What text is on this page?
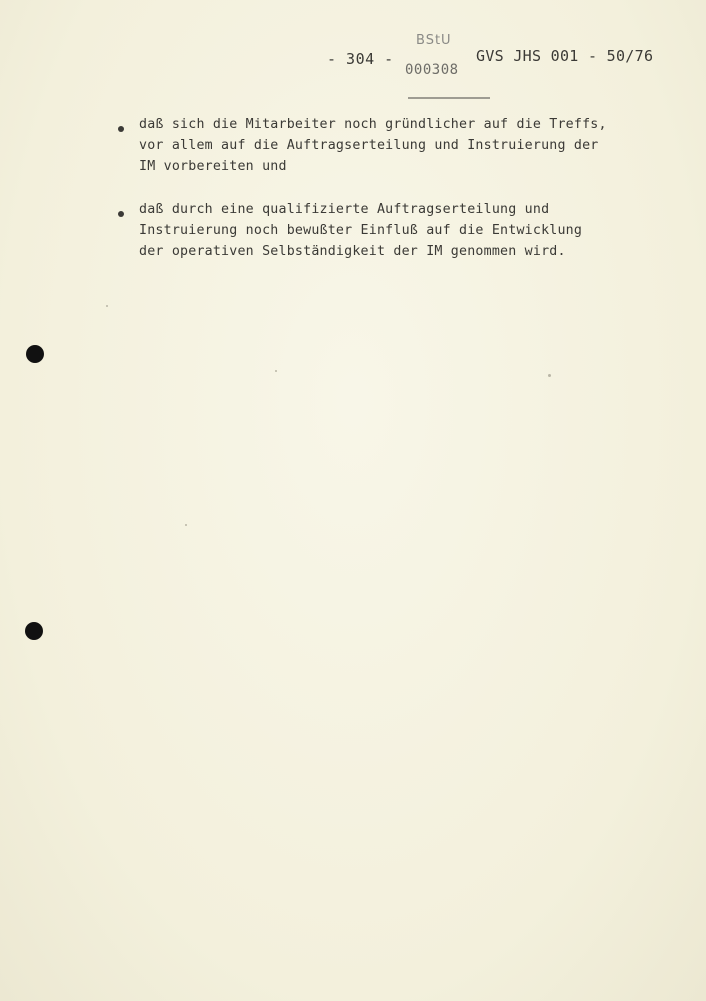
- 304 -
BStU
000308
GVS JHS 001 - 50/76
daß sich die Mitarbeiter noch gründlicher auf die Treffs,
vor allem auf die Auftragserteilung und Instruierung der
IM vorbereiten und
daß durch eine qualifizierte Auftragserteilung und
Instruierung noch bewußter Einfluß auf die Entwicklung
der operativen Selbständigkeit der IM genommen wird.
